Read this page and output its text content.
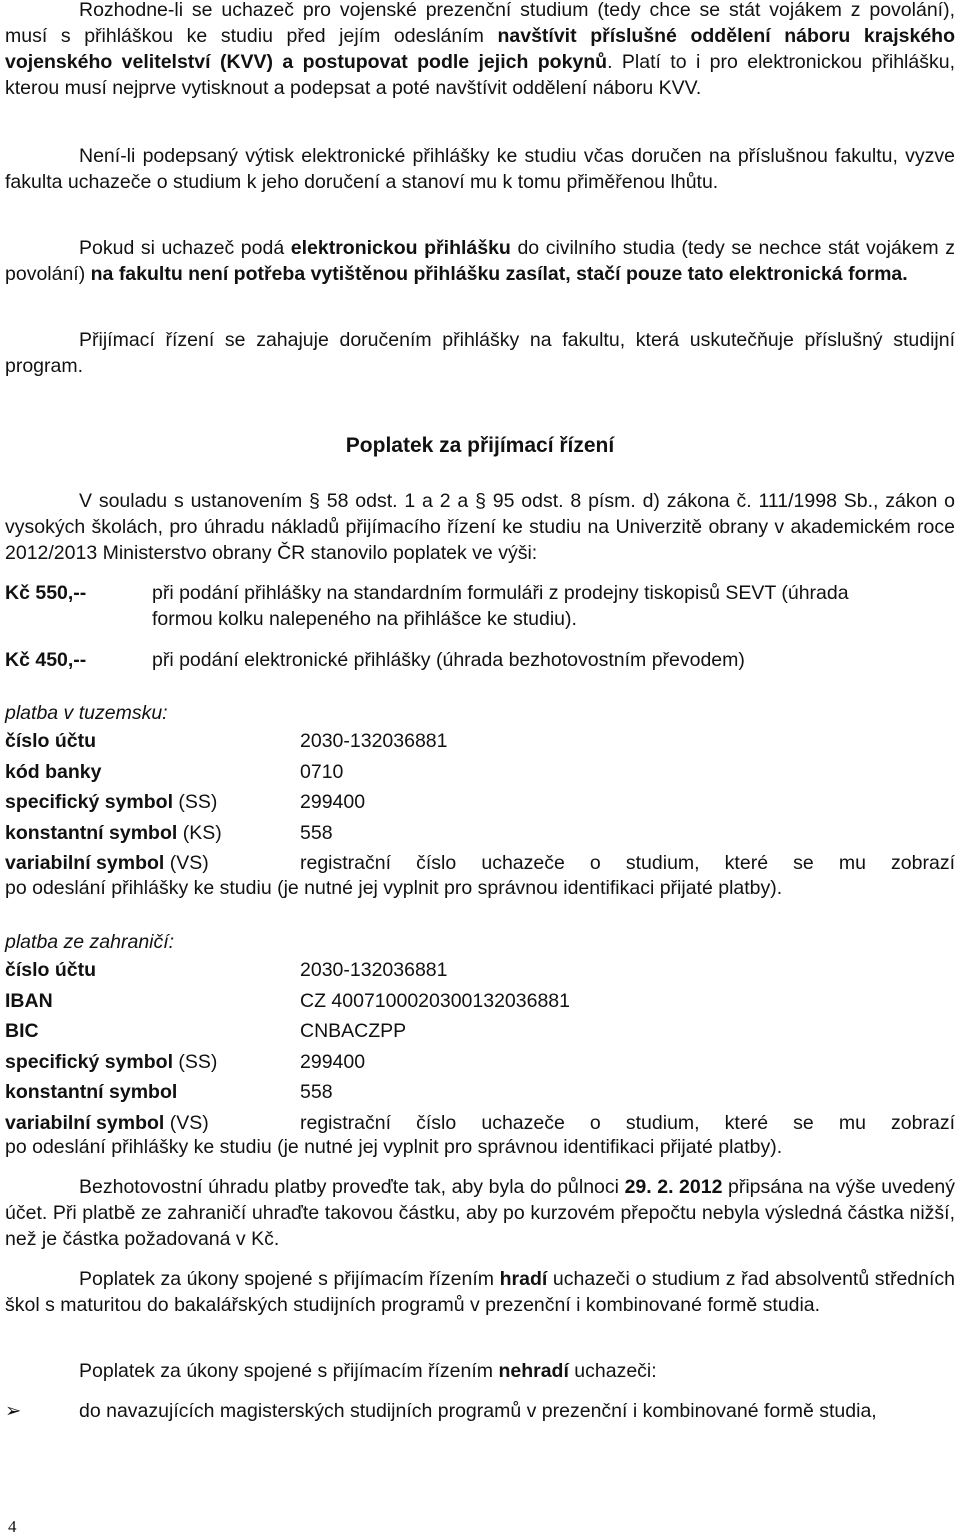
Rozhodne-li se uchazeč pro vojenské prezenční studium (tedy chce se stát vojákem z povolání), musí s přihláškou ke studiu před jejím odesláním navštívit příslušné oddělení náboru krajského vojenského velitelství (KVV) a postupovat podle jejich pokynů. Platí to i pro elektronickou přihlášku, kterou musí nejprve vytisknout a podepsat a poté navštívit oddělení náboru KVV.

Není-li podepsaný výtisk elektronické přihlášky ke studiu včas doručen na příslušnou fakultu, vyzve fakulta uchazeče o studium k jeho doručení a stanoví mu k tomu přiměřenou lhůtu.

Pokud si uchazeč podá elektronickou přihlášku do civilního studia (tedy se nechce stát vojákem z povolání) na fakultu není potřeba vytištěnou přihlášku zasílat, stačí pouze tato elektronická forma.

Přijímací řízení se zahajuje doručením přihlášky na fakultu, která uskutečňuje příslušný studijní program.

Poplatek za přijímací řízení

V souladu s ustanovením § 58 odst. 1 a 2 a § 95 odst. 8 písm. d) zákona č. 111/1998 Sb., zákon o vysokých školách, pro úhradu nákladů přijímacího řízení ke studiu na Univerzitě obrany v akademickém roce 2012/2013 Ministerstvo obrany ČR stanovilo poplatek ve výši:

Kč 550,--	při podání přihlášky na standardním formuláři z prodejny tiskopisů SEVT (úhrada formou kolku nalepeného na přihlášce ke studiu).
Kč 450,--	při podání elektronické přihlášky (úhrada bezhotovostním převodem)
platba v tuzemsku:
číslo účtu	2030-132036881
kód banky	0710
specifický symbol (SS)	299400
konstantní symbol (KS)	558
variabilní symbol (VS)	registrační číslo uchazeče o studium, které se mu zobrazí
po odeslání přihlášky ke studiu (je nutné jej vyplnit pro správnou identifikaci přijaté platby).
platba ze zahraničí:
číslo účtu	2030-132036881
IBAN	CZ 4007100020300132036881
BIC	CNBACZPP
specifický symbol (SS)	299400
konstantní symbol	558
variabilní symbol (VS)	registrační číslo uchazeče o studium, které se mu zobrazí
po odeslání přihlášky ke studiu (je nutné jej vyplnit pro správnou identifikaci přijaté platby).

Bezhotovostní úhradu platby proveďte tak, aby byla do půlnoci 29. 2. 2012 připsána na výše uvedený účet. Při platbě ze zahraničí uhraďte takovou částku, aby po kurzovém přepočtu nebyla výsledná částka nižší, než je částka požadovaná v Kč.

Poplatek za úkony spojené s přijímacím řízením hradí uchazeči o studium z řad absolventů středních škol s maturitou do bakalářských studijních programů v prezenční i kombinované formě studia.

Poplatek za úkony spojené s přijímacím řízením nehradí uchazeči:

➢	do navazujících magisterských studijních programů v prezenční i kombinované formě studia,
4
